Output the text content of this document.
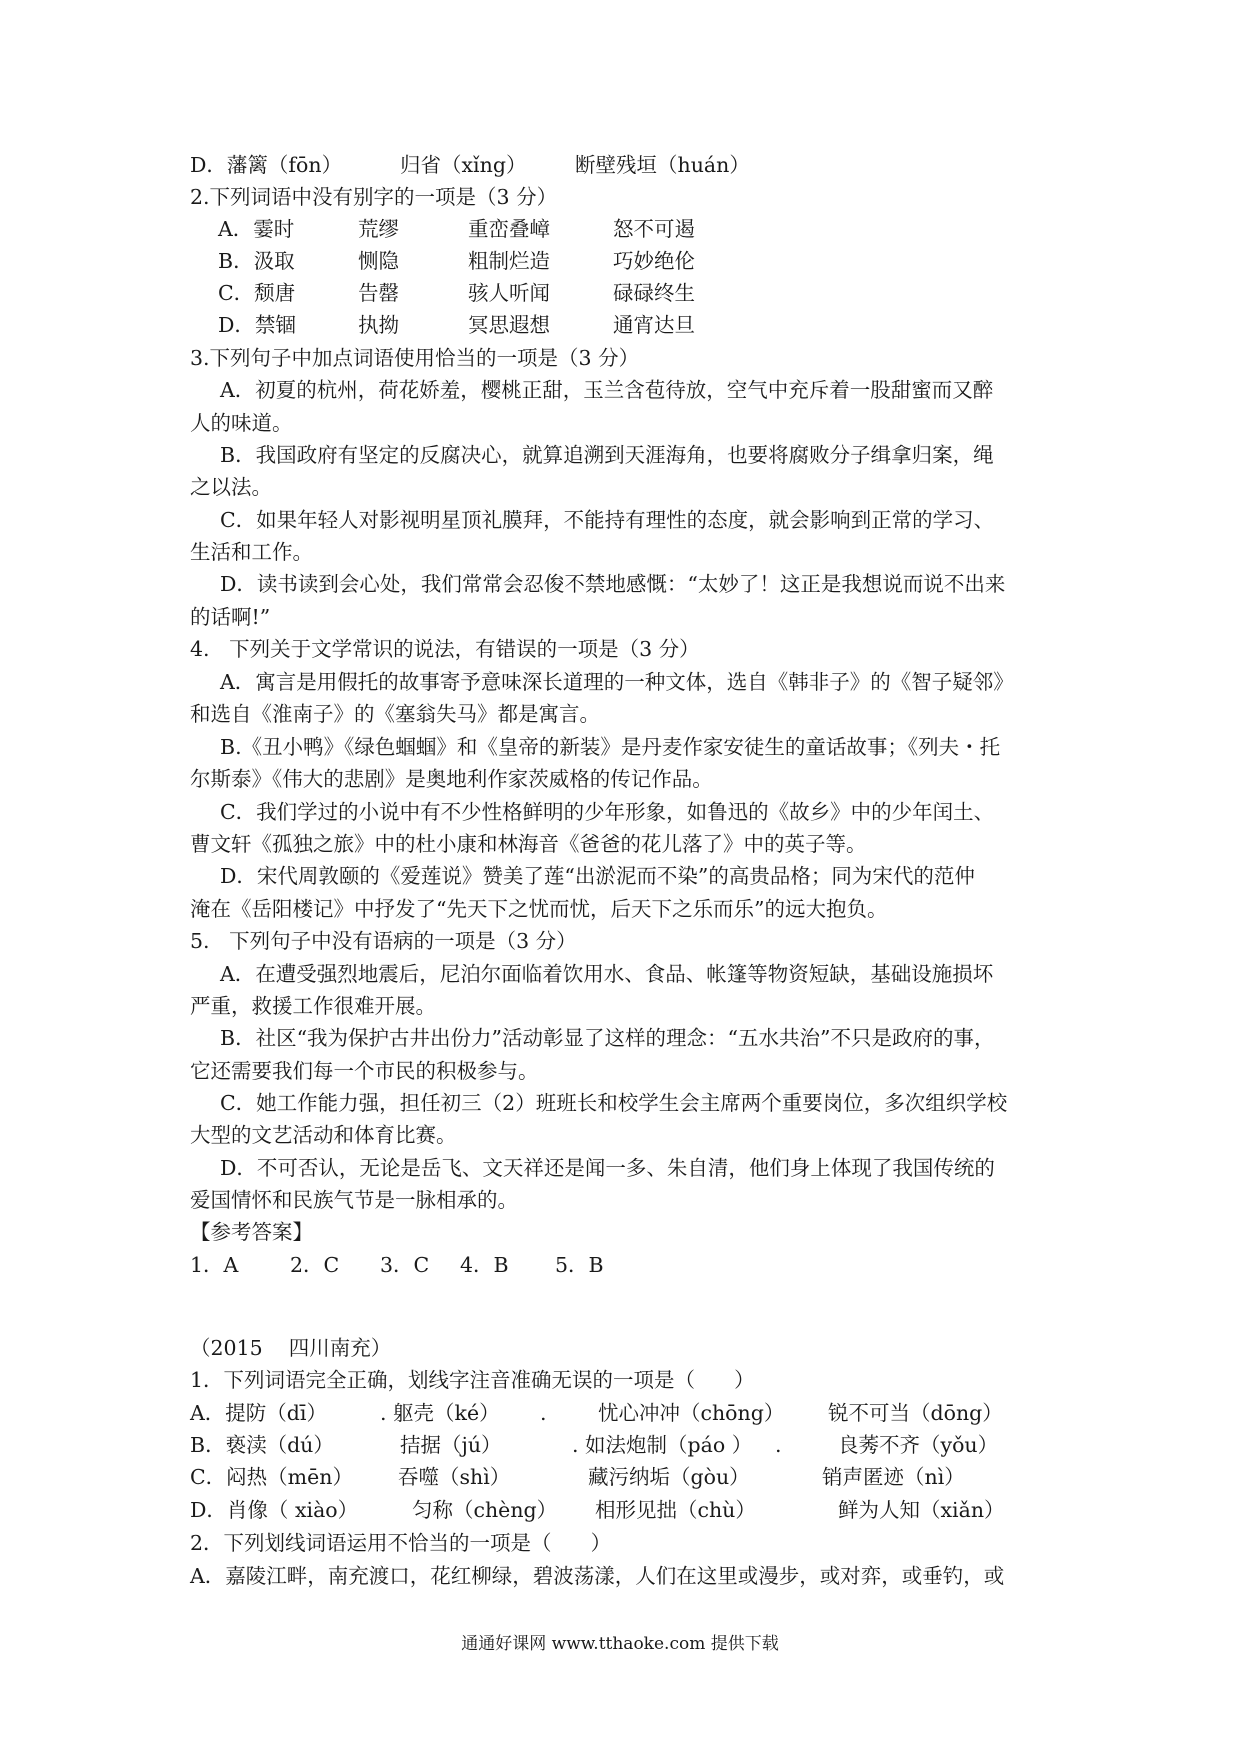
D．藩篱（fōn）	归省（xǐng） 断壁残垣（huán）
2.下列词语中没有别字的一项是（3 分）
A．霎时	荒缪	重峦叠嶂	怒不可遏
B．汲取	恻隐	粗制烂造	巧妙绝伦
C．颓唐	告罄	骇人听闻	碌碌终生
D．禁锢	执拗	冥思遐想	通宵达旦
3.下列句子中加点词语使用恰当的一项是（3 分）
A．初夏的杭州，荷花娇羞，樱桃正甜，玉兰含苞待放，空气中充斥着一股甜蜜而又醉
人的味道。
B．我国政府有坚定的反腐决心，就算追溯到天涯海角，也要将腐败分子缉拿归案，绳
之以法。
C．如果年轻人对影视明星顶礼膜拜，不能持有理性的态度，就会影响到正常的学习、
生活和工作。
D．读书读到会心处，我们常常会忍俊不禁地感慨：“太妙了！这正是我想说而说不出来
的话啊!”
4.   下列关于文学常识的说法，有错误的一项是（3 分）
A．寓言是用假托的故事寄予意味深长道理的一种文体，选自《韩非子》的《智子疑邻》
和选自《淮南子》的《塞翁失马》都是寓言。
B.《丑小鸭》《绿色蝈蝈》和《皇帝的新装》是丹麦作家安徒生的童话故事；《列夫・托
尔斯泰》《伟大的悲剧》是奥地利作家茨威格的传记作品。
C．我们学过的小说中有不少性格鲜明的少年形象，如鲁迅的《故乡》中的少年闰土、
曹文轩《孤独之旅》中的杜小康和林海音《爸爸的花儿落了》中的英子等。
D．宋代周敦颐的《爱莲说》赞美了莲“出淤泥而不染”的高贵品格；同为宋代的范仲
淹在《岳阳楼记》中抒发了“先天下之忧而忧，后天下之乐而乐”的远大抱负。
5.   下列句子中没有语病的一项是（3 分）
A．在遭受强烈地震后，尼泊尔面临着饮用水、食品、帐篷等物资短缺，基础设施损坏
严重，救援工作很难开展。
B．社区“我为保护古井出份力”活动彰显了这样的理念：“五水共治”不只是政府的事，
它还需要我们每一个市民的积极参与。
C．她工作能力强，担任初三（2）班班长和校学生会主席两个重要岗位，多次组织学校
大型的文艺活动和体育比赛。
D．不可否认，无论是岳飞、文天祥还是闻一多、朱自清，他们身上体现了我国传统的
爱国情怀和民族气节是一脉相承的。
【参考答案】
1．A	2．C 3．C 4．B 5．B
（2015    四川南充）
1．下列词语完全正确，划线字注音准确无误的一项是（      ）
A．提防（dī）	. 躯壳（ké） .	忧心冲冲（chōng） 锐不可当（dōng）
B．亵渎（dú）	拮据（jú）	. 如法炮制（páo ） .	良莠不齐（yǒu）
C．闷热（mēn） 吞噬（shì）	藏污纳垢（gòu）	销声匿迹（nì）
D．肖像（ xiào）	匀称（chèng） 相形见拙（chù）	鲜为人知（xiǎn）
2．下列划线词语运用不恰当的一项是（      ）
A．嘉陵江畔，南充渡口，花红柳绿，碧波荡漾，人们在这里或漫步，或对弈，或垂钓，或
通通好课网 www.tthaoke.com 提供下载
